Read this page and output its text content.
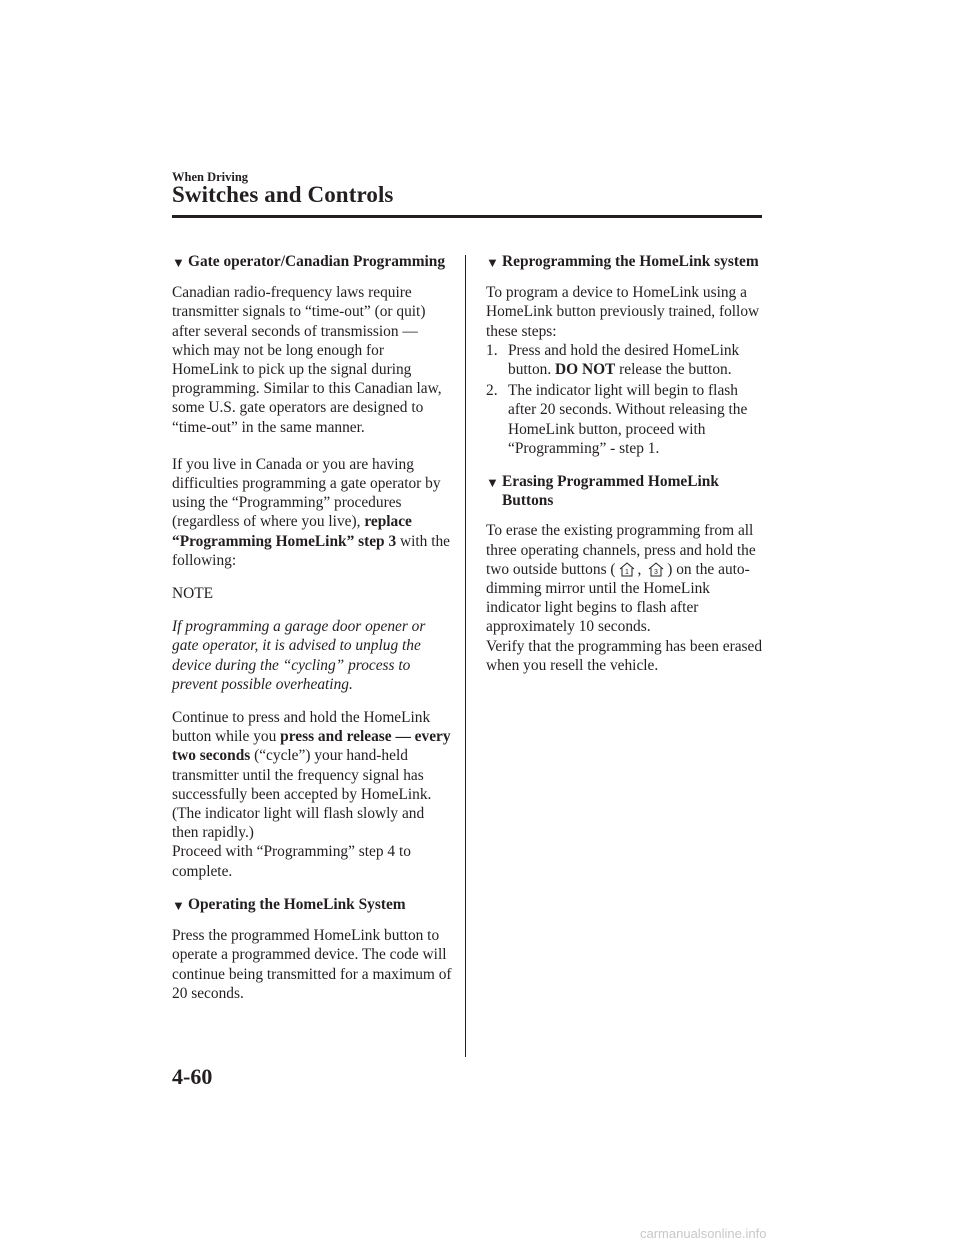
When Driving
Switches and Controls
▼
Gate operator/Canadian Programming

Canadian radio-frequency laws require transmitter signals to “time-out” (or quit) after several seconds of transmission ― which may not be long enough for HomeLink to pick up the signal during programming. Similar to this Canadian law, some U.S. gate operators are designed to “time-out” in the same manner.

If you live in Canada or you are having difficulties programming a gate operator by using the “Programming” procedures (regardless of where you live), replace “Programming HomeLink” step 3 with the following:

NOTE

If programming a garage door opener or gate operator, it is advised to unplug the device during the “cycling” process to prevent possible overheating.

Continue to press and hold the HomeLink button while you press and release ― every two seconds (“cycle”) your hand-held transmitter until the frequency signal has successfully been accepted by HomeLink. (The indicator light will flash slowly and then rapidly.)

Proceed with “Programming” step 4 to complete.

▼
Operating the HomeLink System

Press the programmed HomeLink button to operate a programmed device. The code will continue being transmitted for a maximum of 20 seconds.

▼
Reprogramming the HomeLink system

To program a device to HomeLink using a HomeLink button previously trained, follow these steps:

1. Press and hold the desired HomeLink button. DO NOT release the button.
2. The indicator light will begin to flash after 20 seconds. Without releasing the HomeLink button, proceed with “Programming” - step 1.
▼
Erasing Programmed HomeLink Buttons

To erase the existing programming from all three operating channels, press and hold the two outside buttons ( 1 , 3 ) on the auto-dimming mirror until the HomeLink indicator light begins to flash after approximately 10 seconds.

Verify that the programming has been erased when you resell the vehicle.

4-60
carmanualsonline.info
